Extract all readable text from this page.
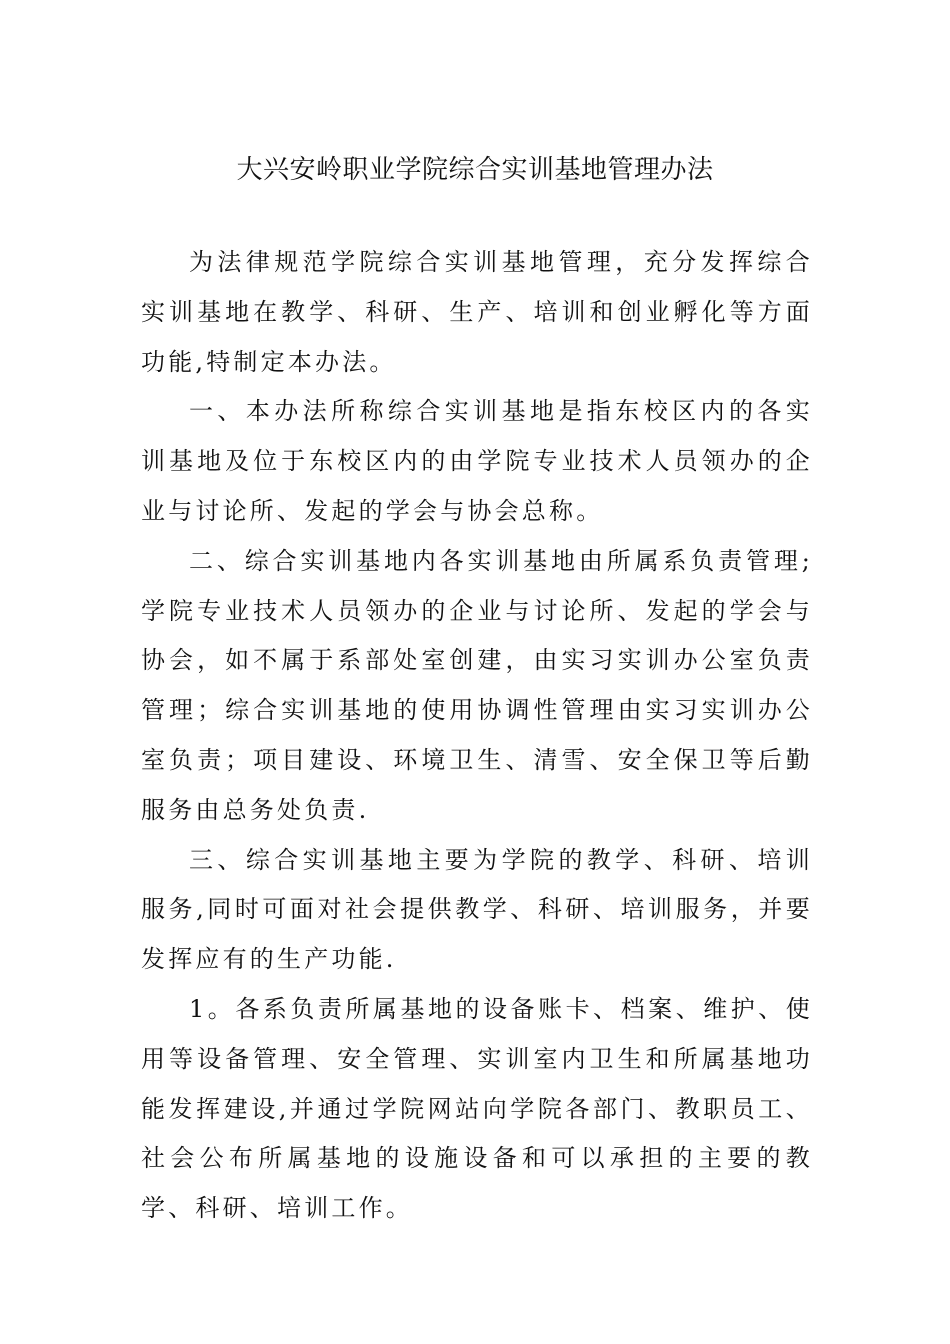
大兴安岭职业学院综合实训基地管理办法

为法律规范学院综合实训基地管理，充分发挥综合实训基地在教学、科研、生产、培训和创业孵化等方面功能,特制定本办法。

一、本办法所称综合实训基地是指东校区内的各实训基地及位于东校区内的由学院专业技术人员领办的企业与讨论所、发起的学会与协会总称。

二、综合实训基地内各实训基地由所属系负责管理;学院专业技术人员领办的企业与讨论所、发起的学会与协会，如不属于系部处室创建，由实习实训办公室负责管理；综合实训基地的使用协调性管理由实习实训办公室负责；项目建设、环境卫生、清雪、安全保卫等后勤服务由总务处负责.

三、综合实训基地主要为学院的教学、科研、培训服务,同时可面对社会提供教学、科研、培训服务，并要发挥应有的生产功能.

1。各系负责所属基地的设备账卡、档案、维护、使用等设备管理、安全管理、实训室内卫生和所属基地功能发挥建设,并通过学院网站向学院各部门、教职员工、社会公布所属基地的设施设备和可以承担的主要的教学、科研、培训工作。
